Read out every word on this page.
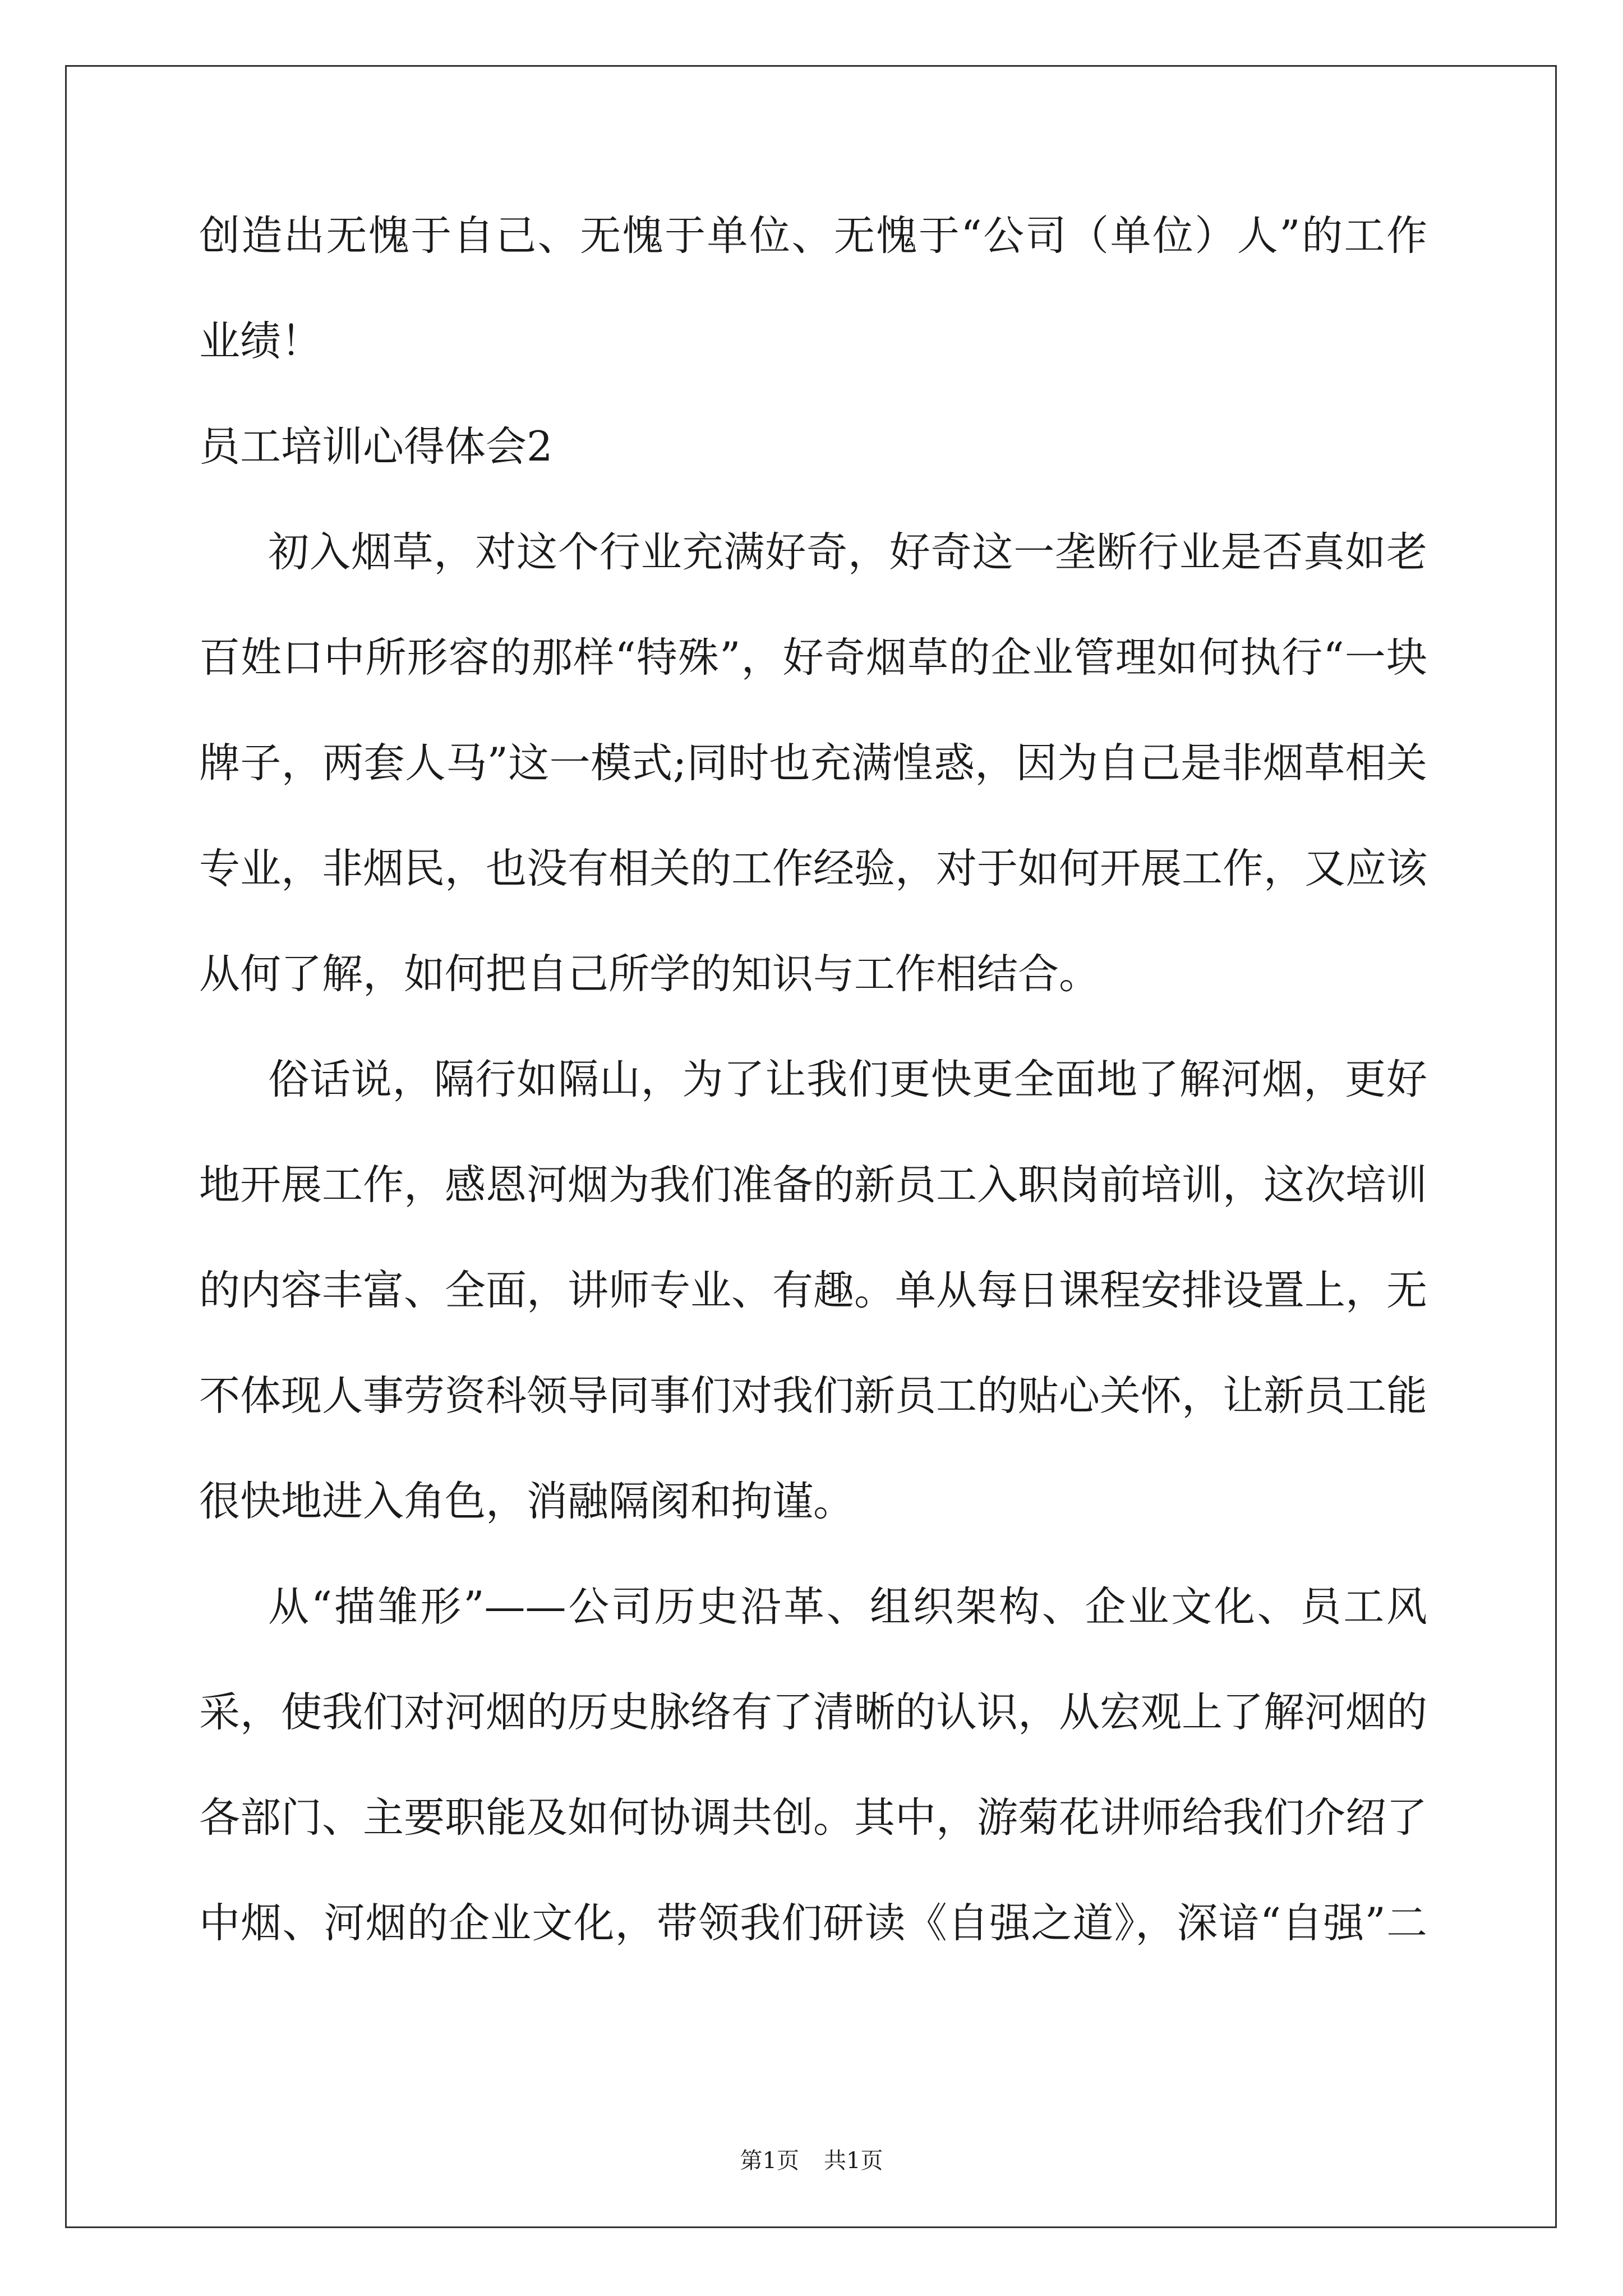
创造出无愧于自己、无愧于单位、无愧于“公司（单位）人”的工作
业绩！
员工培训心得体会2
初入烟草，对这个行业充满好奇，好奇这一垄断行业是否真如老
百姓口中所形容的那样“特殊”，好奇烟草的企业管理如何执行“一块
牌子，两套人马”这一模式;同时也充满惶惑，因为自己是非烟草相关
专业，非烟民，也没有相关的工作经验，对于如何开展工作，又应该
从何了解，如何把自己所学的知识与工作相结合。
俗话说，隔行如隔山，为了让我们更快更全面地了解河烟，更好
地开展工作，感恩河烟为我们准备的新员工入职岗前培训，这次培训
的内容丰富、全面，讲师专业、有趣。单从每日课程安排设置上，无
不体现人事劳资科领导同事们对我们新员工的贴心关怀，让新员工能
很快地进入角色，消融隔阂和拘谨。
从“描雏形”——公司历史沿革、组织架构、企业文化、员工风
采，使我们对河烟的历史脉络有了清晰的认识，从宏观上了解河烟的
各部门、主要职能及如何协调共创。其中，游菊花讲师给我们介绍了
中烟、河烟的企业文化，带领我们研读《自强之道》，深谙“自强”二
第1页 共1页
